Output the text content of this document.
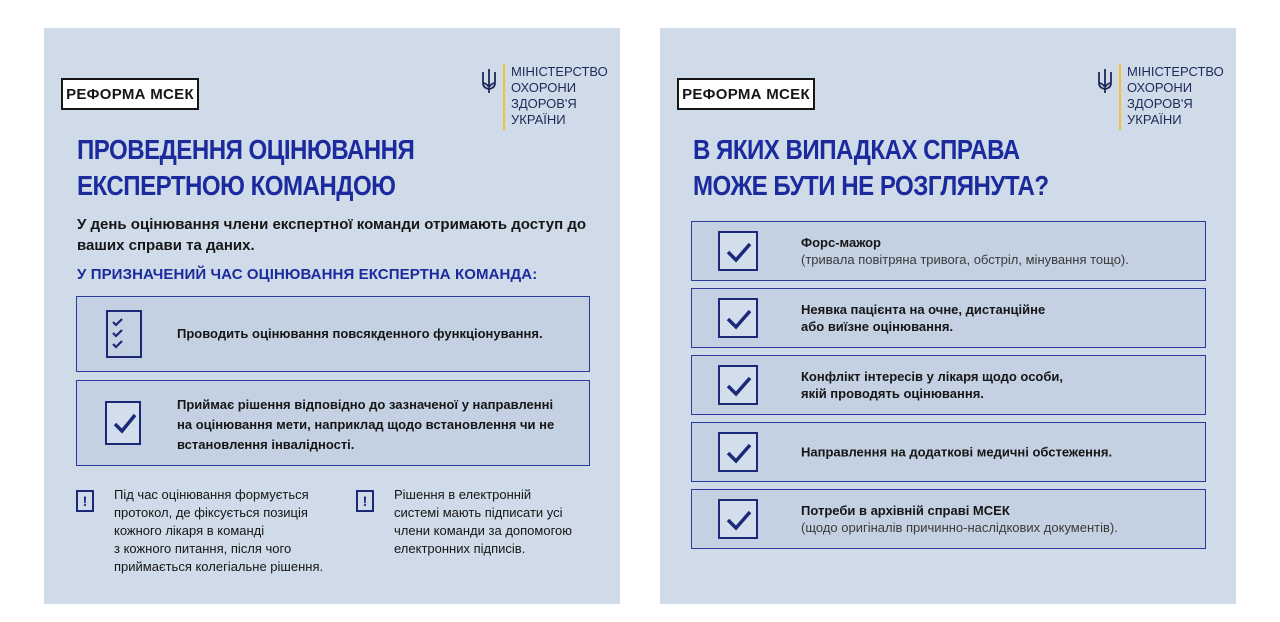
РЕФОРМА МСЕК
МІНІСТЕРСТВО
ОХОРОНИ
ЗДОРОВ'Я
УКРАЇНИ
ПРОВЕДЕННЯ ОЦІНЮВАННЯ
ЕКСПЕРТНОЮ КОМАНДОЮ
У день оцінювання члени експертної команди отримають доступ до ваших справи та даних.
У ПРИЗНАЧЕНИЙ ЧАС ОЦІНЮВАННЯ ЕКСПЕРТНА КОМАНДА:
Проводить оцінювання повсякденного функціонування.
Приймає рішення відповідно до зазначеної у направленні
на оцінювання мети, наприклад щодо встановлення чи не
встановлення інвалідності.
!	Під час оцінювання формується
протокол, де фіксується позиція
кожного лікаря в команді
з кожного питання, після чого
приймається колегіальне рішення.
!	Рішення в електронній
системі мають підписати усі
члени команди за допомогою
електронних підписів.
РЕФОРМА МСЕК
МІНІСТЕРСТВО
ОХОРОНИ
ЗДОРОВ'Я
УКРАЇНИ
В ЯКИХ ВИПАДКАХ СПРАВА
МОЖЕ БУТИ НЕ РОЗГЛЯНУТА?
Форс-мажор
(тривала повітряна тривога, обстріл, мінування тощо).
Неявка пацієнта на очне, дистанційне
або виїзне оцінювання.
Конфлікт інтересів у лікаря щодо особи,
якій проводять оцінювання.
Направлення на додаткові медичні обстеження.
Потреби в архівній справі МСЕК
(щодо оригіналів причинно-наслідкових документів).
